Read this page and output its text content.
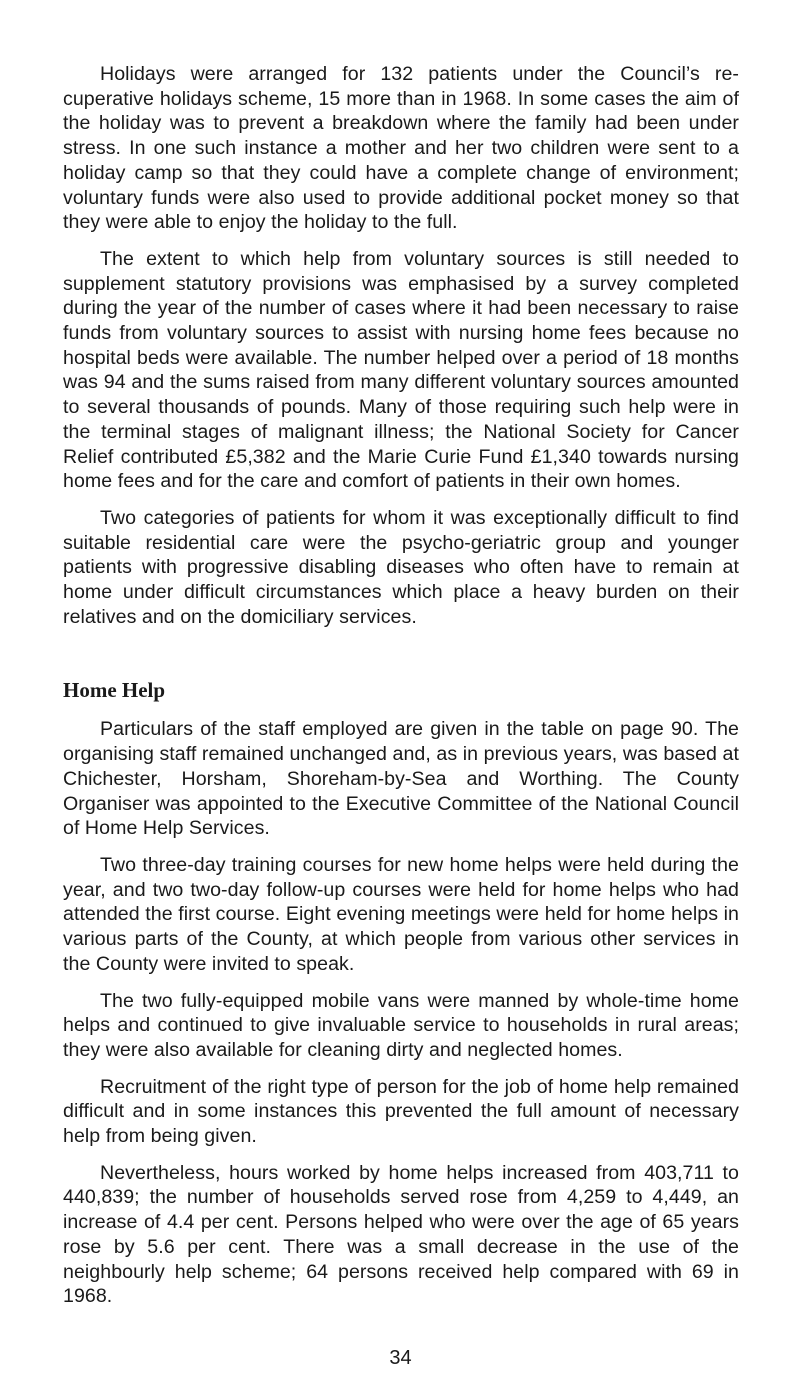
Holidays were arranged for 132 patients under the Council’s re-cuperative holidays scheme, 15 more than in 1968. In some cases the aim of the holiday was to prevent a breakdown where the family had been under stress. In one such instance a mother and her two children were sent to a holiday camp so that they could have a complete change of environment; voluntary funds were also used to provide additional pocket money so that they were able to enjoy the holiday to the full.

The extent to which help from voluntary sources is still needed to supplement statutory provisions was emphasised by a survey completed during the year of the number of cases where it had been necessary to raise funds from voluntary sources to assist with nursing home fees because no hospital beds were available. The number helped over a period of 18 months was 94 and the sums raised from many different voluntary sources amounted to several thousands of pounds. Many of those requiring such help were in the terminal stages of malignant illness; the National Society for Cancer Relief contributed £5,382 and the Marie Curie Fund £1,340 towards nursing home fees and for the care and comfort of patients in their own homes.

Two categories of patients for whom it was exceptionally difficult to find suitable residential care were the psycho-geriatric group and younger patients with progressive disabling diseases who often have to remain at home under difficult circumstances which place a heavy burden on their relatives and on the domiciliary services.

Home Help

Particulars of the staff employed are given in the table on page 90. The organising staff remained unchanged and, as in previous years, was based at Chichester, Horsham, Shoreham-by-Sea and Worthing. The County Organiser was appointed to the Executive Committee of the National Council of Home Help Services.

Two three-day training courses for new home helps were held during the year, and two two-day follow-up courses were held for home helps who had attended the first course. Eight evening meetings were held for home helps in various parts of the County, at which people from various other services in the County were invited to speak.

The two fully-equipped mobile vans were manned by whole-time home helps and continued to give invaluable service to households in rural areas; they were also available for cleaning dirty and neglected homes.

Recruitment of the right type of person for the job of home help remained difficult and in some instances this prevented the full amount of necessary help from being given.

Nevertheless, hours worked by home helps increased from 403,711 to 440,839; the number of households served rose from 4,259 to 4,449, an increase of 4.4 per cent. Persons helped who were over the age of 65 years rose by 5.6 per cent. There was a small decrease in the use of the neighbourly help scheme; 64 persons received help compared with 69 in 1968.

34
